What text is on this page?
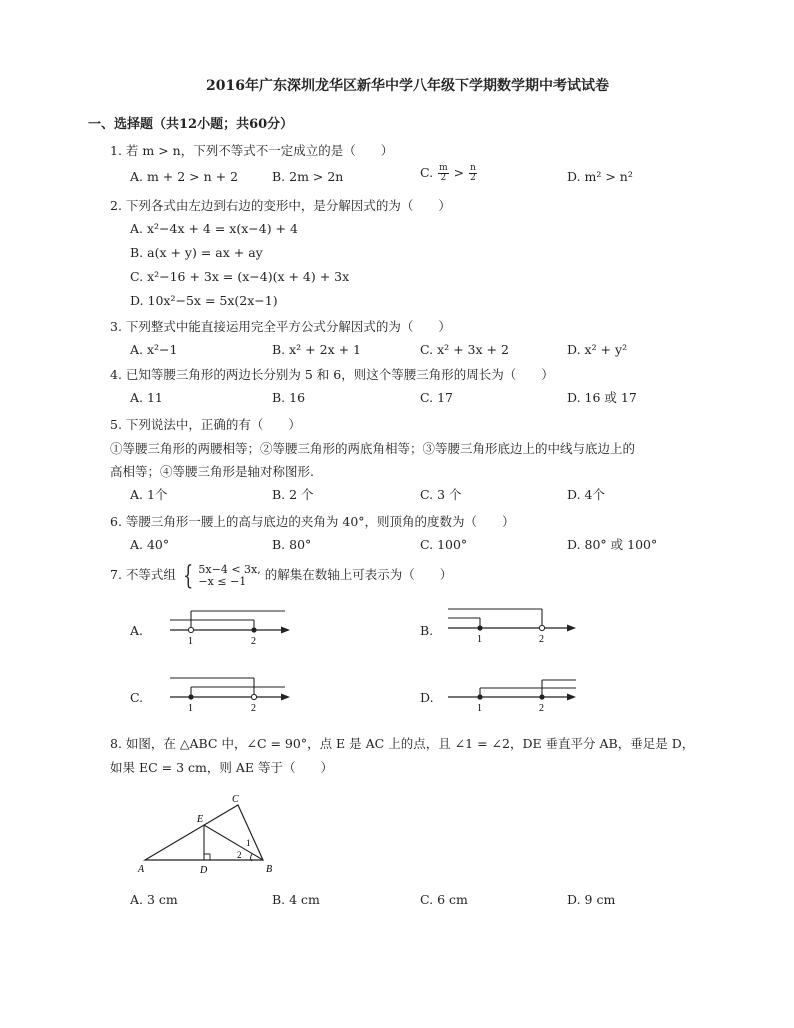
2016年广东深圳龙华区新华中学八年级下学期数学期中考试试卷
一、选择题（共12小题；共60分）
1. 若 m > n，下列不等式不一定成立的是（　　）
A. m + 2 > n + 2	B. 2m > 2n	C. $\frac{m}{2} > \frac{n}{2}$	D. m² > n²
2. 下列各式由左边到右边的变形中，是分解因式的为（　　）
A. x²−4x + 4 = x(x−4) + 4
B. a(x + y) = ax + ay
C. x²−16 + 3x = (x−4)(x + 4) + 3x
D. 10x²−5x = 5x(2x−1)
3. 下列整式中能直接运用完全平方公式分解因式的为（　　）
A. x²−1	B. x² + 2x + 1	C. x² + 3x + 2	D. x² + y²
4. 已知等腰三角形的两边长分别为 5 和 6，则这个等腰三角形的周长为（　　）
A. 11	B. 16	C. 17	D. 16 或 17
5. 下列说法中，正确的有（　　）
①等腰三角形的两腰相等；②等腰三角形的两底角相等；③等腰三角形底边上的中线与底边上的
高相等；④等腰三角形是轴对称图形.
A. 1个	B. 2 个	C. 3 个	D. 4个
6. 等腰三角形一腰上的高与底边的夹角为 40°，则顶角的度数为（　　）
A. 40°	B. 80°	C. 100°	D. 80° 或 100°
7. 不等式组 { 5x−4 < 3x,
−x ≤ −1	的解集在数轴上可表示为（　　）
A.
1	2
B.
1	2
C.
1	2
D.
1	2
8. 如图，在 △ABC 中，∠C = 90°，点 E 是 AC 上的点，且 ∠1 = ∠2，DE 垂直平分 AB，垂足是 D，
如果 EC = 3 cm，则 AE 等于（　　）
A	B
C
D
E
1
2
A. 3 cm	B. 4 cm	C. 6 cm	D. 9 cm
